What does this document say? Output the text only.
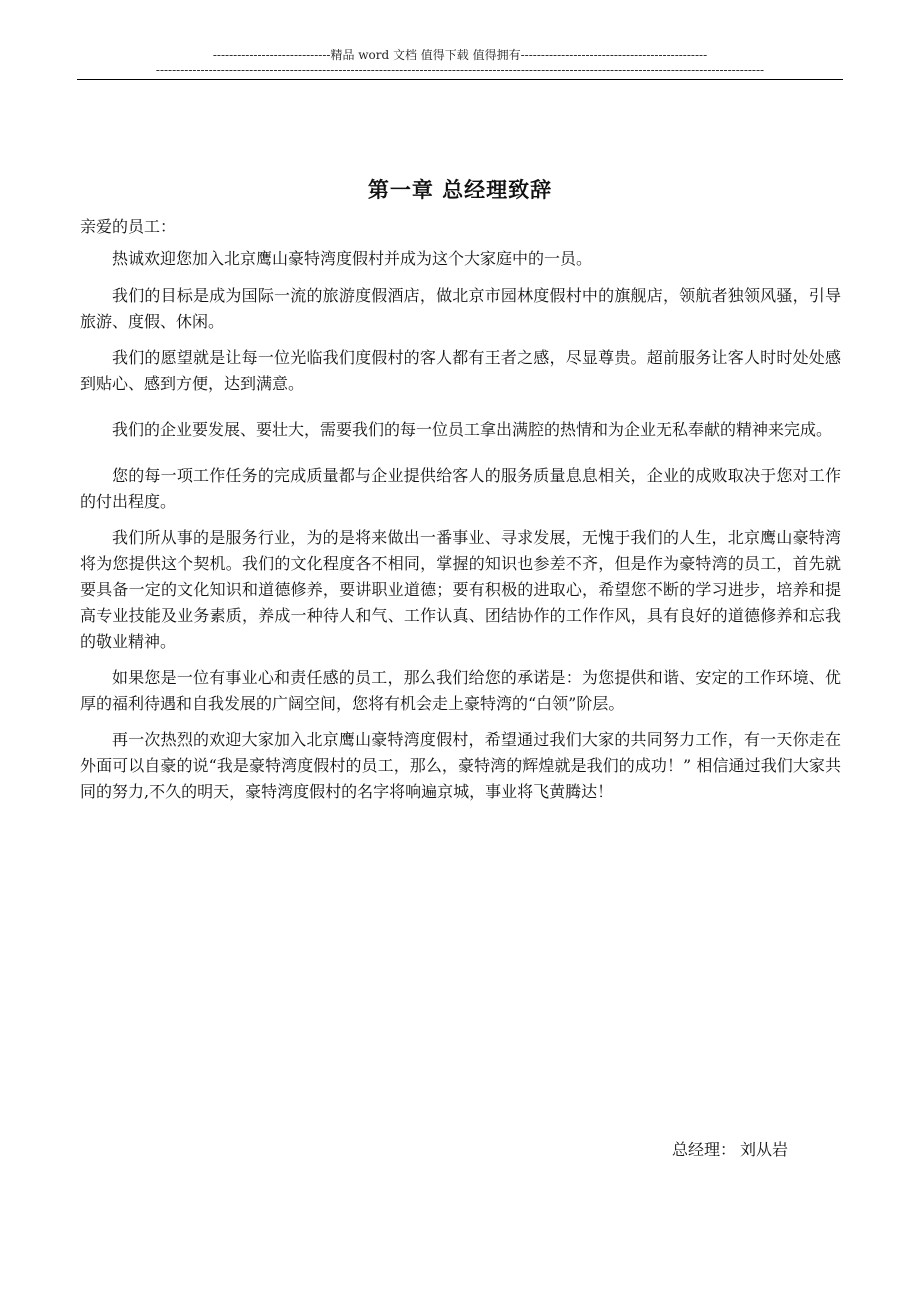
-----------------------------精品 word 文档 值得下载 值得拥有----------------------------------------------
------------------------------------------------------------------------------------------------------------------------------------------------------
第一章 总经理致辞
亲爱的员工：

热诚欢迎您加入北京鹰山豪特湾度假村并成为这个大家庭中的一员。

我们的目标是成为国际一流的旅游度假酒店，做北京市园林度假村中的旗舰店，领航者独领风骚，引导旅游、度假、休闲。

我们的愿望就是让每一位光临我们度假村的客人都有王者之感，尽显尊贵。超前服务让客人时时处处感到贴心、感到方便，达到满意。

我们的企业要发展、要壮大，需要我们的每一位员工拿出满腔的热情和为企业无私奉献的精神来完成。

您的每一项工作任务的完成质量都与企业提供给客人的服务质量息息相关，企业的成败取决于您对工作的付出程度。

我们所从事的是服务行业，为的是将来做出一番事业、寻求发展，无愧于我们的人生，北京鹰山豪特湾将为您提供这个契机。我们的文化程度各不相同，掌握的知识也参差不齐，但是作为豪特湾的员工，首先就要具备一定的文化知识和道德修养，要讲职业道德；要有积极的进取心，希望您不断的学习进步，培养和提高专业技能及业务素质，养成一种待人和气、工作认真、团结协作的工作作风，具有良好的道德修养和忘我的敬业精神。

如果您是一位有事业心和责任感的员工，那么我们给您的承诺是：为您提供和谐、安定的工作环境、优厚的福利待遇和自我发展的广阔空间，您将有机会走上豪特湾的“白领”阶层。

再一次热烈的欢迎大家加入北京鹰山豪特湾度假村，希望通过我们大家的共同努力工作，有一天你走在外面可以自豪的说“我是豪特湾度假村的员工，那么，豪特湾的辉煌就是我们的成功！” 相信通过我们大家共同的努力,不久的明天，豪特湾度假村的名字将响遍京城，事业将飞黄腾达！

总经理： 刘从岩
